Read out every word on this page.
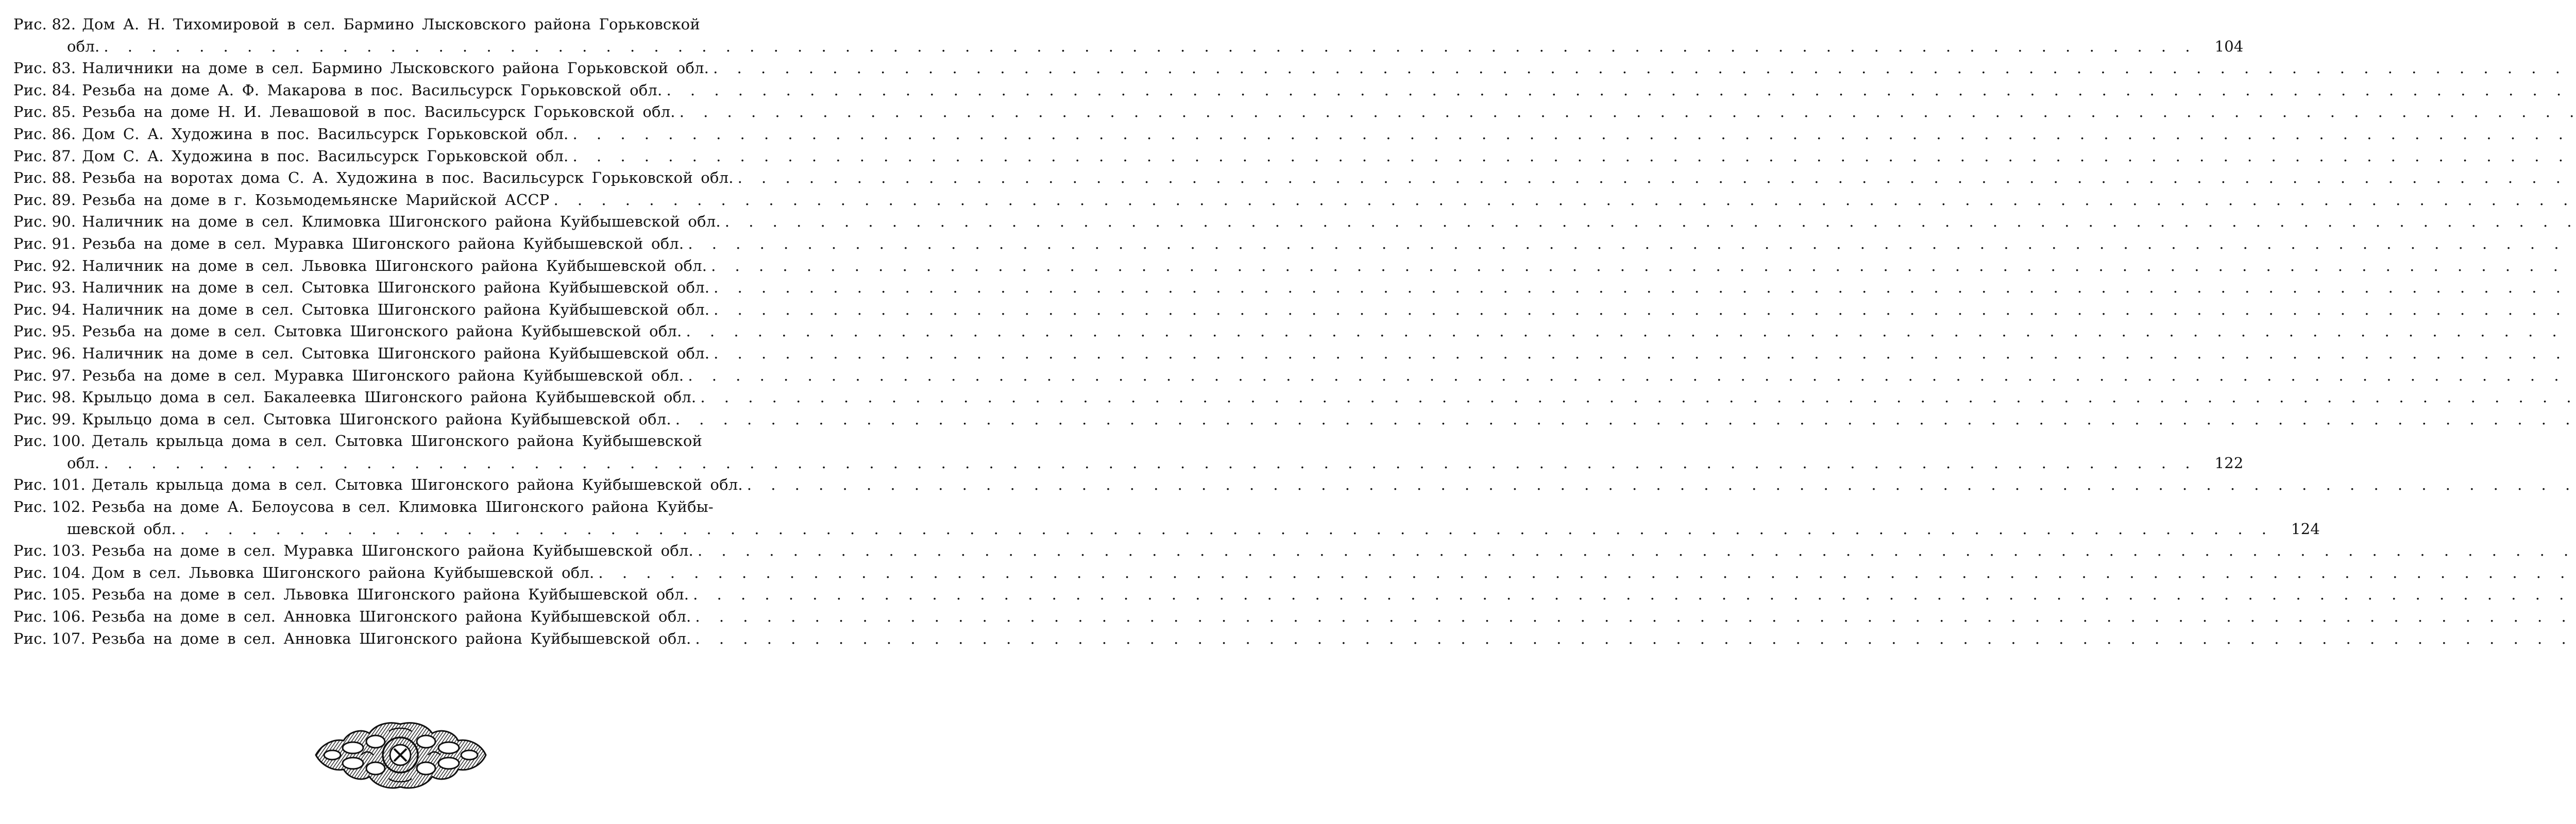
Рис. 82. Дом А. Н. Тихомировой в сел. Бармино Лысковского района Горьковской
обл. . . .	104
Рис. 83. Наличники на доме в сел. Бармино Лысковского района Горьковской обл.
. . .
Рис. 84. Резьба на доме А. Ф. Макарова в пос. Васильсурск Горьковской обл.
. . .
Рис. 85. Резьба на доме Н. И. Левашовой в пос. Васильсурск Горьковской обл.
. . .
Рис. 86. Дом С. А. Художина в пос. Васильсурск Горьковской обл.
. . .
Рис. 87. Дом С. А. Художина в пос. Васильсурск Горьковской обл.
. . .
Рис. 88. Резьба на воротах дома С. А. Художина в пос. Васильсурск Горьковской обл.
. . .
Рис. 89. Резьба на доме в г. Козьмодемьянске Марийской АССР
. . .
Рис. 90. Наличник на доме в сел. Климовка Шигонского района Куйбышевской обл.
. . .
Рис. 91. Резьба на доме в сел. Муравка Шигонского района Куйбышевской обл.
. . .
Рис. 92. Наличник на доме в сел. Львовка Шигонского района Куйбышевской обл.
. . .
Рис. 93. Наличник на доме в сел. Сытовка Шигонского района Куйбышевской обл.
. . .
Рис. 94. Наличник на доме в сел. Сытовка Шигонского района Куйбышевской обл.
. . .
Рис. 95. Резьба на доме в сел. Сытовка Шигонского района Куйбышевской обл.
. . .
Рис. 96. Наличник на доме в сел. Сытовка Шигонского района Куйбышевской обл.
. . .
Рис. 97. Резьба на доме в сел. Муравка Шигонского района Куйбышевской обл.
. . .
Рис. 98. Крыльцо дома в сел. Бакалеевка Шигонского района Куйбышевской обл.
. . .
Рис. 99. Крыльцо дома в сел. Сытовка Шигонского района Куйбышевской обл.
. . .
Рис. 100. Деталь крыльца дома в сел. Сытовка Шигонского района Куйбышевской
обл. . . .	122
Рис. 101. Деталь крыльца дома в сел. Сытовка Шигонского района Куйбышевской обл.
. . .
Рис. 102. Резьба на доме А. Белоусова в сел. Климовка Шигонского района Куйбы-
шевской обл. . . .	124
Рис. 103. Резьба на доме в сел. Муравка Шигонского района Куйбышевской обл.
. . .
Рис. 104. Дом в сел. Львовка Шигонского района Куйбышевской обл.
. . .
Рис. 105. Резьба на доме в сел. Львовка Шигонского района Куйбышевской обл.
. . .
Рис. 106. Резьба на доме в сел. Анновка Шигонского района Куйбышевской обл.
. . .
Рис. 107. Резьба на доме в сел. Анновка Шигонского района Куйбышевской обл.
. . .
